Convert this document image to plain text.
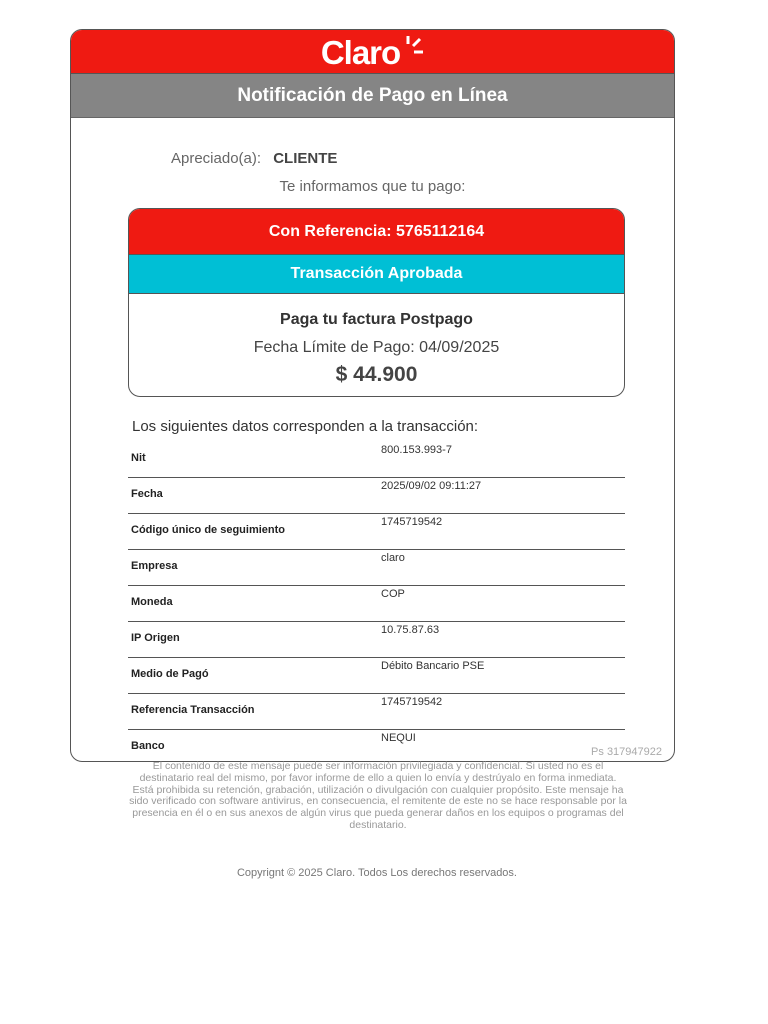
Claro
Notificación de Pago en Línea
Apreciado(a): CLIENTE
Te informamos que tu pago:
Con Referencia: 5765112164
Transacción Aprobada
Paga tu factura Postpago
Fecha Límite de Pago: 04/09/2025
$ 44.900
Los siguientes datos corresponden a la transacción:
Nit	800.153.993-7
Fecha	2025/09/02 09:11:27
Código único de seguimiento	1745719542
Empresa	claro
Moneda	COP
IP Origen	10.75.87.63
Medio de Pagó	Débito Bancario PSE
Referencia Transacción	1745719542
Banco	NEQUI

Ps 317947922
El contenido de este mensaje puede ser información privilegiada y confidencial. Si usted no es el destinatario real del mismo, por favor informe de ello a quien lo envía y destrúyalo en forma inmediata. Está prohibida su retención, grabación, utilización o divulgación con cualquier propósito. Este mensaje ha sido verificado con software antivirus, en consecuencia, el remitente de este no se hace responsable por la presencia en él o en sus anexos de algún virus que pueda generar daños en los equipos o programas del destinatario.
Copyrignt © 2025 Claro. Todos Los derechos reservados.
